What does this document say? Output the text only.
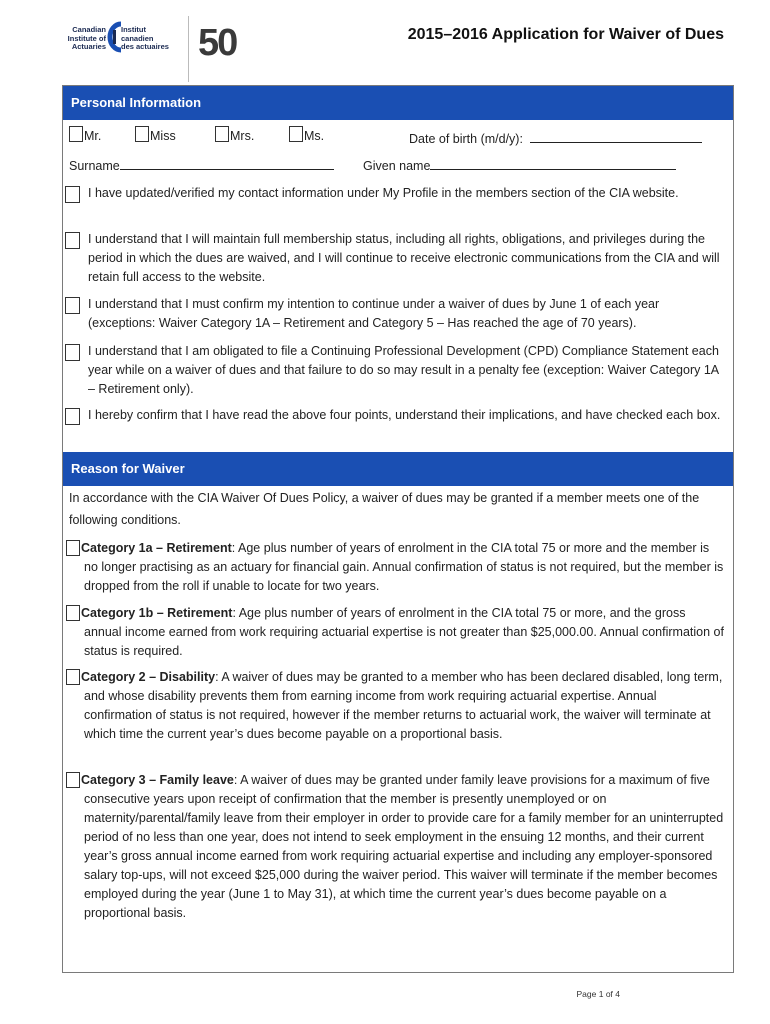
Canadian
Institute of
Actuaries
Institut
canadien
des actuaires 50	2015–2016 Application for Waiver of Dues
Personal Information
Mr.	Miss	Mrs.	Ms.	Date of birth (m/d/y):
Surname	Given name
I have updated/verified my contact information under My Profile in the members section of the CIA website.
I understand that I will maintain full membership status, including all rights, obligations, and privileges during the period in which the dues are waived, and I will continue to receive electronic communications from the CIA and will retain full access to the website.
I understand that I must confirm my intention to continue under a waiver of dues by June 1 of each year (exceptions: Waiver Category 1A – Retirement and Category 5 – Has reached the age of 70 years).
I understand that I am obligated to file a Continuing Professional Development (CPD) Compliance Statement each year while on a waiver of dues and that failure to do so may result in a penalty fee (exception: Waiver Category 1A – Retirement only).
I hereby confirm that I have read the above four points, understand their implications, and have checked each box.
Reason for Waiver
In accordance with the CIA Waiver Of Dues Policy, a waiver of dues may be granted if a member meets one of the following conditions.
Category 1a – Retirement: Age plus number of years of enrolment in the CIA total 75 or more and the member is no longer practising as an actuary for financial gain. Annual confirmation of status is not required, but the member is dropped from the roll if unable to locate for two years.
Category 1b – Retirement: Age plus number of years of enrolment in the CIA total 75 or more, and the gross annual income earned from work requiring actuarial expertise is not greater than $25,000.00. Annual confirmation of status is required.
Category 2 – Disability: A waiver of dues may be granted to a member who has been declared disabled, long term, and whose disability prevents them from earning income from work requiring actuarial expertise. Annual confirmation of status is not required, however if the member returns to actuarial work, the waiver will terminate at which time the current year’s dues become payable on a proportional basis.
Category 3 – Family leave: A waiver of dues may be granted under family leave provisions for a maximum of five consecutive years upon receipt of confirmation that the member is presently unemployed or on maternity/parental/family leave from their employer in order to provide care for a family member for an uninterrupted period of no less than one year, does not intend to seek employment in the ensuing 12 months, and their current year’s gross annual income earned from work requiring actuarial expertise and including any employer-sponsored salary top-ups, will not exceed $25,000 during the waiver period. This waiver will terminate if the member becomes employed during the year (June 1 to May 31), at which time the current year’s dues become payable on a proportional basis.
Page 1 of 4
